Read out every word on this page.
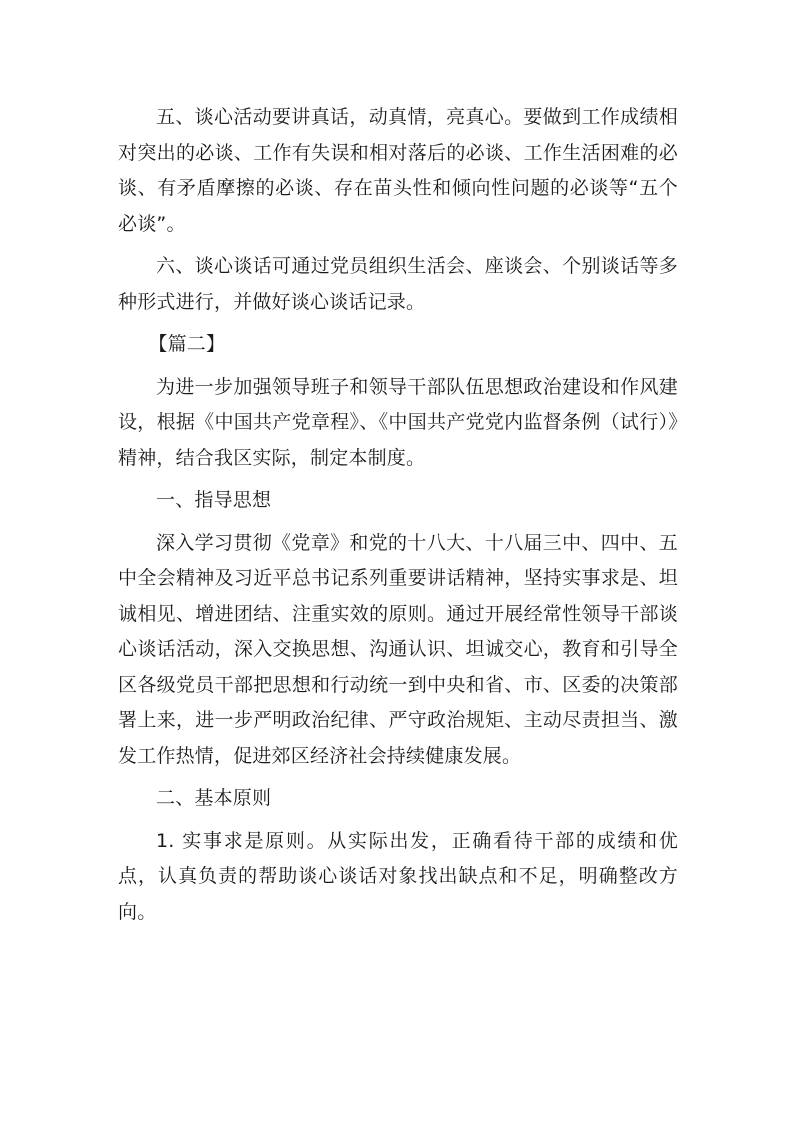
五、谈心活动要讲真话，动真情，亮真心。要做到工作成绩相对突出的必谈、工作有失误和相对落后的必谈、工作生活困难的必谈、有矛盾摩擦的必谈、存在苗头性和倾向性问题的必谈等“五个必谈”。

六、谈心谈话可通过党员组织生活会、座谈会、个别谈话等多种形式进行，并做好谈心谈话记录。

【篇二】

为进一步加强领导班子和领导干部队伍思想政治建设和作风建设，根据《中国共产党章程》、《中国共产党党内监督条例（试行）》精神，结合我区实际，制定本制度。

一、指导思想

深入学习贯彻《党章》和党的十八大、十八届三中、四中、五中全会精神及习近平总书记系列重要讲话精神，坚持实事求是、坦诚相见、增进团结、注重实效的原则。通过开展经常性领导干部谈心谈话活动，深入交换思想、沟通认识、坦诚交心，教育和引导全区各级党员干部把思想和行动统一到中央和省、市、区委的决策部署上来，进一步严明政治纪律、严守政治规矩、主动尽责担当、激发工作热情，促进郊区经济社会持续健康发展。

二、基本原则

1. 实事求是原则。从实际出发，正确看待干部的成绩和优点，认真负责的帮助谈心谈话对象找出缺点和不足，明确整改方向。
